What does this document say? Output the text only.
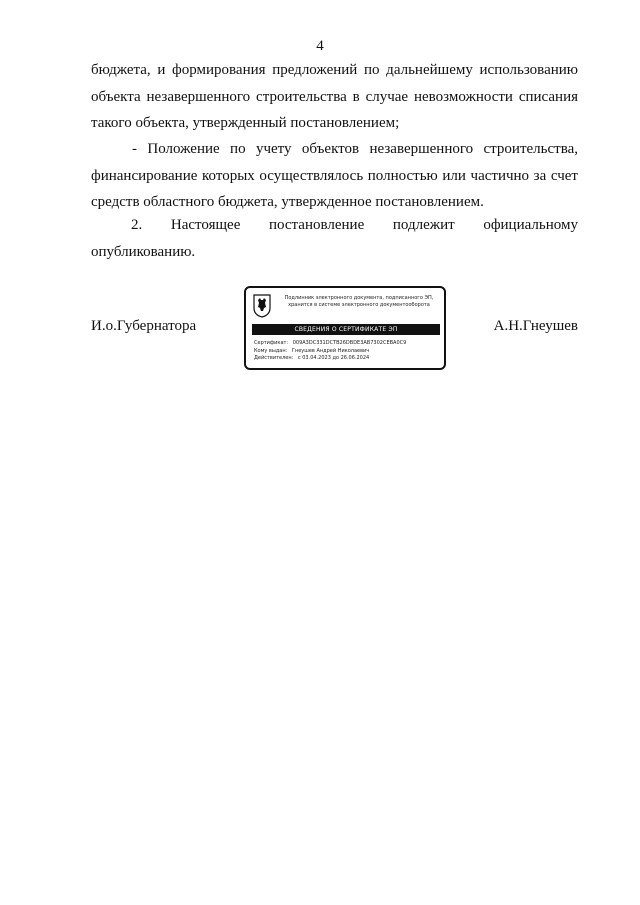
4
бюджета, и формирования предложений по дальнейшему использованию объекта незавершенного строительства в случае невозможности списания такого объекта, утвержденный постановлением;
- Положение по учету объектов незавершенного строительства, финансирование которых осуществлялось полностью или частично за счет средств областного бюджета, утвержденное постановлением.
2. Настоящее постановление подлежит официальному
опубликованию.
И.о.Губернатора	А.Н.Гнеушев
Подлинник электронного документа, подписанного ЭП,
хранится в системе электронного документооборота
СВЕДЕНИЯ О СЕРТИФИКАТЕ ЭП
Сертификат: 009A3DC331DCTB26DBDE3AB7302CEBA0C9
Кому выдан: Гнеушев Андрей Николаевич
Действителен: с 03.04.2023 до 26.06.2024
